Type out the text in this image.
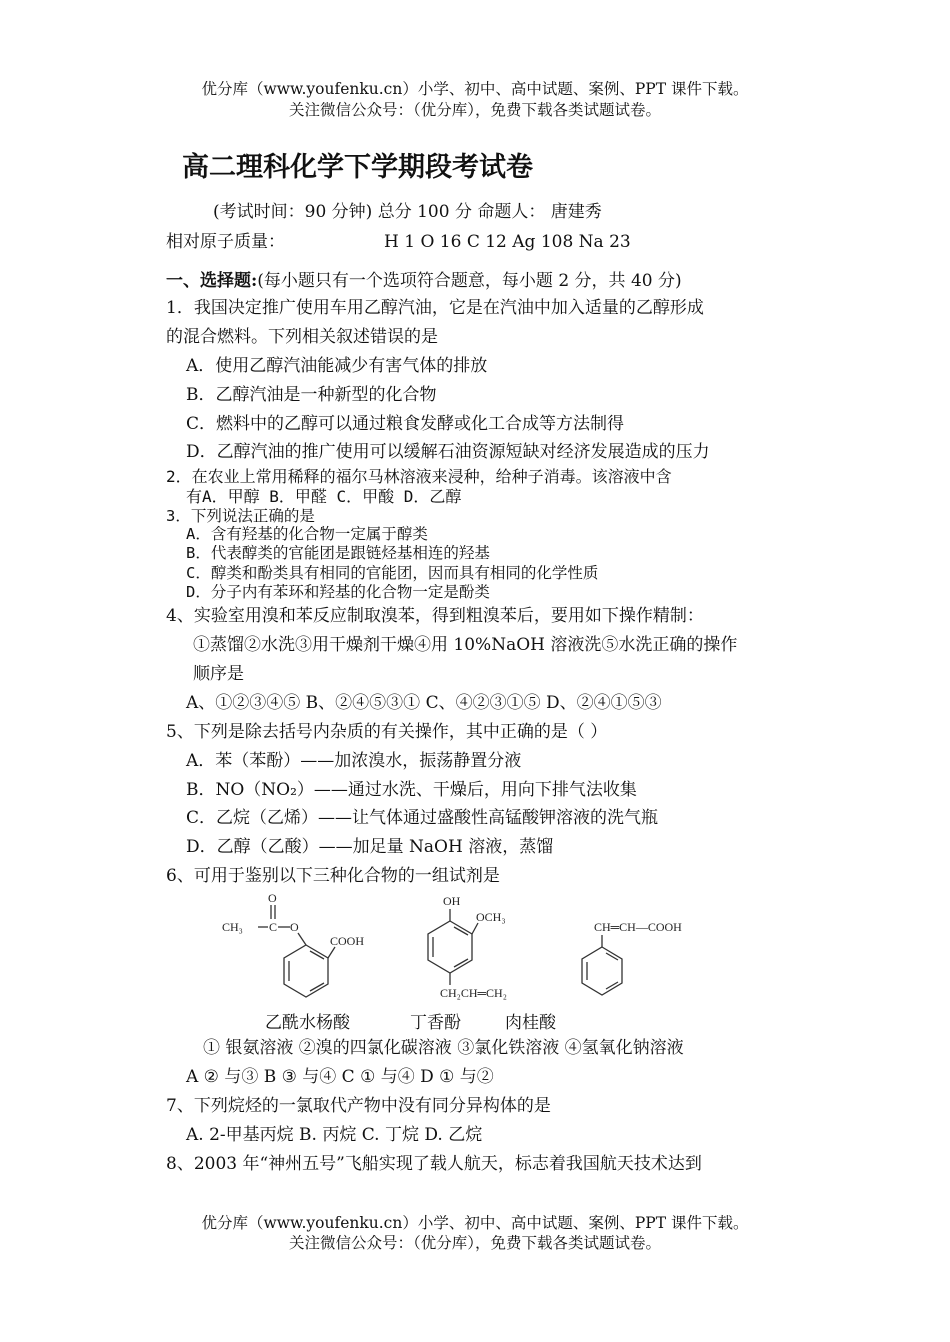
优分库（www.youfenku.cn）小学、初中、高中试题、案例、PPT 课件下载。
关注微信公众号：（优分库），免费下载各类试题试卷。
高二理科化学下学期段考试卷
(考试时间：90 分钟) 总分 100 分 命题人： 唐建秀
相对原子质量：	H 1 O 16 C 12 Ag 108 Na 23
一、选择题:(每小题只有一个选项符合题意，每小题 2 分，共 40 分)
1．我国决定推广使用车用乙醇汽油，它是在汽油中加入适量的乙醇形成
的混合燃料。下列相关叙述错误的是
A．使用乙醇汽油能减少有害气体的排放
B．乙醇汽油是一种新型的化合物
C．燃料中的乙醇可以通过粮食发酵或化工合成等方法制得
D．乙醇汽油的推广使用可以缓解石油资源短缺对经济发展造成的压力
2．在农业上常用稀释的福尔马林溶液来浸种，给种子消毒。该溶液中含
有A．甲醇 B．甲醛 C．甲酸 D．乙醇
3．下列说法正确的是
A．含有羟基的化合物一定属于醇类
B．代表醇类的官能团是跟链烃基相连的羟基
C．醇类和酚类具有相同的官能团，因而具有相同的化学性质
D．分子内有苯环和羟基的化合物一定是酚类
4、实验室用溴和苯反应制取溴苯，得到粗溴苯后，要用如下操作精制：
①蒸馏②水洗③用干燥剂干燥④用 10%NaOH 溶液洗⑤水洗正确的操作
顺序是
A、①②③④⑤ B、②④⑤③① C、④②③①⑤ D、②④①⑤③
5、下列是除去括号内杂质的有关操作，其中正确的是（ ）
A．苯（苯酚）——加浓溴水，振荡静置分液
B．NO（NO₂）——通过水洗、干燥后，用向下排气法收集
C．乙烷（乙烯）——让气体通过盛酸性高锰酸钾溶液的洗气瓶
D．乙醇（乙酸）——加足量 NaOH 溶液，蒸馏
6、可用于鉴别以下三种化合物的一组试剂是
CH₃ C
O
O
COOH
OH
OCH₃
CH₂CH═CH₂
CH═CH—COOH
乙酰水杨酸	丁香酚	肉桂酸
① 银氨溶液 ②溴的四氯化碳溶液 ③氯化铁溶液 ④氢氧化钠溶液
A ② 与③ B ③ 与④ C ① 与④ D ① 与②
7、下列烷烃的一氯取代产物中没有同分异构体的是
A. 2-甲基丙烷 B. 丙烷 C. 丁烷 D. 乙烷
8、2003 年“神州五号”飞船实现了载人航天，标志着我国航天技术达到
优分库（www.youfenku.cn）小学、初中、高中试题、案例、PPT 课件下载。
关注微信公众号：（优分库），免费下载各类试题试卷。
